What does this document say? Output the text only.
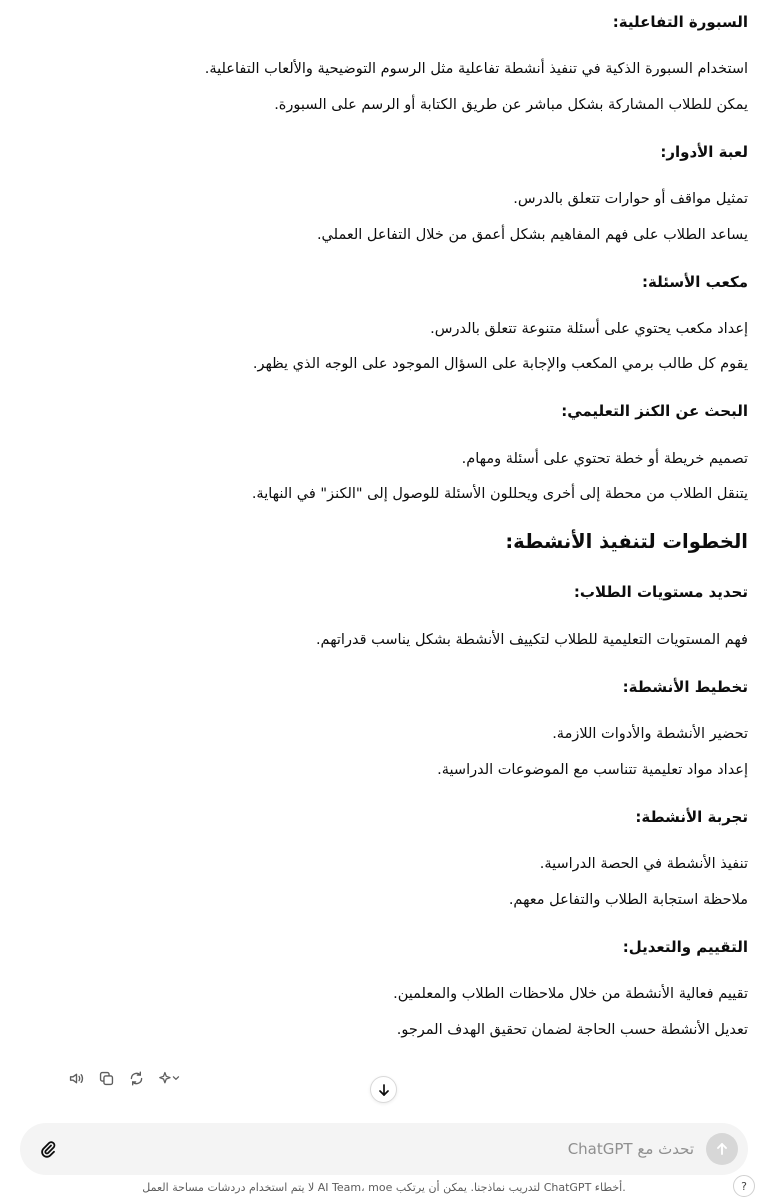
السبورة التفاعلية:
استخدام السبورة الذكية في تنفيذ أنشطة تفاعلية مثل الرسوم التوضيحية والألعاب التفاعلية.
يمكن للطلاب المشاركة بشكل مباشر عن طريق الكتابة أو الرسم على السبورة.
لعبة الأدوار:
تمثيل مواقف أو حوارات تتعلق بالدرس.
يساعد الطلاب على فهم المفاهيم بشكل أعمق من خلال التفاعل العملي.
مكعب الأسئلة:
إعداد مكعب يحتوي على أسئلة متنوعة تتعلق بالدرس.
يقوم كل طالب برمي المكعب والإجابة على السؤال الموجود على الوجه الذي يظهر.
البحث عن الكنز التعليمي:
تصميم خريطة أو خطة تحتوي على أسئلة ومهام.
يتنقل الطلاب من محطة إلى أخرى ويحللون الأسئلة للوصول إلى "الكنز" في النهاية.
الخطوات لتنفيذ الأنشطة:
تحديد مستويات الطلاب:
فهم المستويات التعليمية للطلاب لتكييف الأنشطة بشكل يناسب قدراتهم.
تخطيط الأنشطة:
تحضير الأنشطة والأدوات اللازمة.
إعداد مواد تعليمية تتناسب مع الموضوعات الدراسية.
تجربة الأنشطة:
تنفيذ الأنشطة في الحصة الدراسية.
ملاحظة استجابة الطلاب والتفاعل معهم.
التقييم والتعديل:
تقييم فعالية الأنشطة من خلال ملاحظات الطلاب والمعلمين.
تعديل الأنشطة حسب الحاجة لضمان تحقيق الهدف المرجو.
تحدث مع ChatGPT
.أخطاء ChatGPT لتدريب نماذجنا. يمكن أن يرتكب AI Team، moe لا يتم استخدام دردشات مساحة العمل	?
